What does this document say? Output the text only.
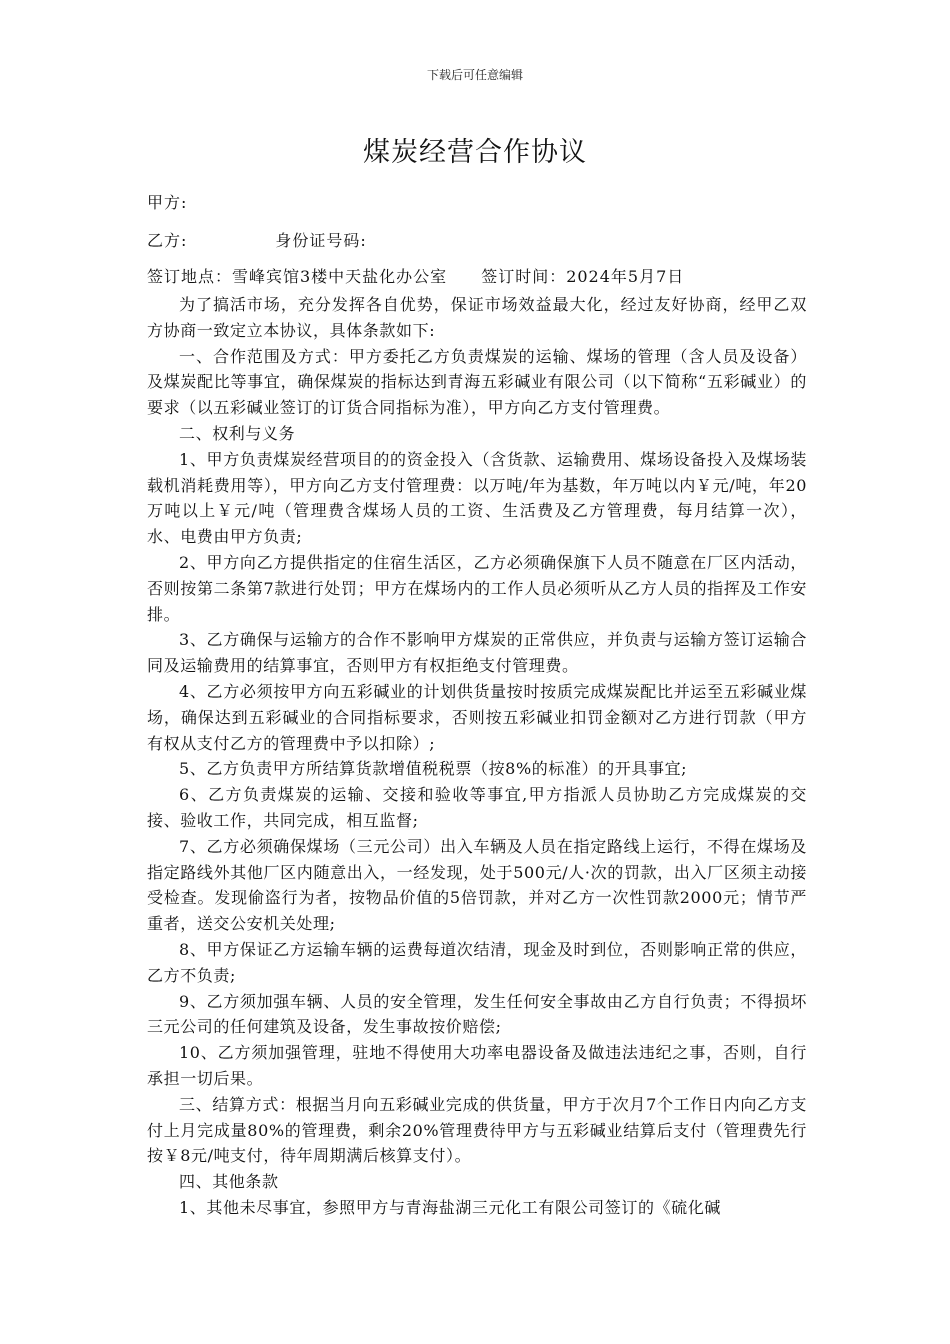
下载后可任意编辑
煤炭经营合作协议
甲方:
乙方:	身份证号码:
签订地点：雪峰宾馆3楼中天盐化办公室 签订时间：2024年5月7日

为了搞活市场，充分发挥各自优势，保证市场效益最大化，经过友好协商，经甲乙双方协商一致定立本协议，具体条款如下:

一、合作范围及方式：甲方委托乙方负责煤炭的运输、煤场的管理（含人员及设备）及煤炭配比等事宜，确保煤炭的指标达到青海五彩碱业有限公司（以下简称“五彩碱业）的要求（以五彩碱业签订的订货合同指标为准），甲方向乙方支付管理费。

二、权利与义务

1、甲方负责煤炭经营项目的的资金投入（含货款、运输费用、煤场设备投入及煤场装载机消耗费用等），甲方向乙方支付管理费：以万吨/年为基数，年万吨以内￥元/吨，年20万吨以上￥元/吨（管理费含煤场人员的工资、生活费及乙方管理费，每月结算一次），水、电费由甲方负责;

2、甲方向乙方提供指定的住宿生活区，乙方必须确保旗下人员不随意在厂区内活动，否则按第二条第7款进行处罚；甲方在煤场内的工作人员必须听从乙方人员的指挥及工作安排。

3、乙方确保与运输方的合作不影响甲方煤炭的正常供应，并负责与运输方签订运输合同及运输费用的结算事宜，否则甲方有权拒绝支付管理费。

4、乙方必须按甲方向五彩碱业的计划供货量按时按质完成煤炭配比并运至五彩碱业煤场，确保达到五彩碱业的合同指标要求，否则按五彩碱业扣罚金额对乙方进行罚款（甲方有权从支付乙方的管理费中予以扣除）;

5、乙方负责甲方所结算货款增值税税票（按8%的标准）的开具事宜;

6、乙方负责煤炭的运输、交接和验收等事宜,甲方指派人员协助乙方完成煤炭的交接、验收工作，共同完成，相互监督;

7、乙方必须确保煤场（三元公司）出入车辆及人员在指定路线上运行，不得在煤场及指定路线外其他厂区内随意出入，一经发现，处于500元/人·次的罚款，出入厂区须主动接受检查。发现偷盗行为者，按物品价值的5倍罚款，并对乙方一次性罚款2000元；情节严重者，送交公安机关处理;

8、甲方保证乙方运输车辆的运费每道次结清，现金及时到位，否则影响正常的供应，乙方不负责;

9、乙方须加强车辆、人员的安全管理，发生任何安全事故由乙方自行负责；不得损坏三元公司的任何建筑及设备，发生事故按价赔偿;

10、乙方须加强管理，驻地不得使用大功率电器设备及做违法违纪之事，否则，自行承担一切后果。

三、结算方式：根据当月向五彩碱业完成的供货量，甲方于次月7个工作日内向乙方支付上月完成量80%的管理费，剩余20%管理费待甲方与五彩碱业结算后支付（管理费先行按￥8元/吨支付，待年周期满后核算支付）。

四、其他条款

1、其他未尽事宜，参照甲方与青海盐湖三元化工有限公司签订的《硫化碱
